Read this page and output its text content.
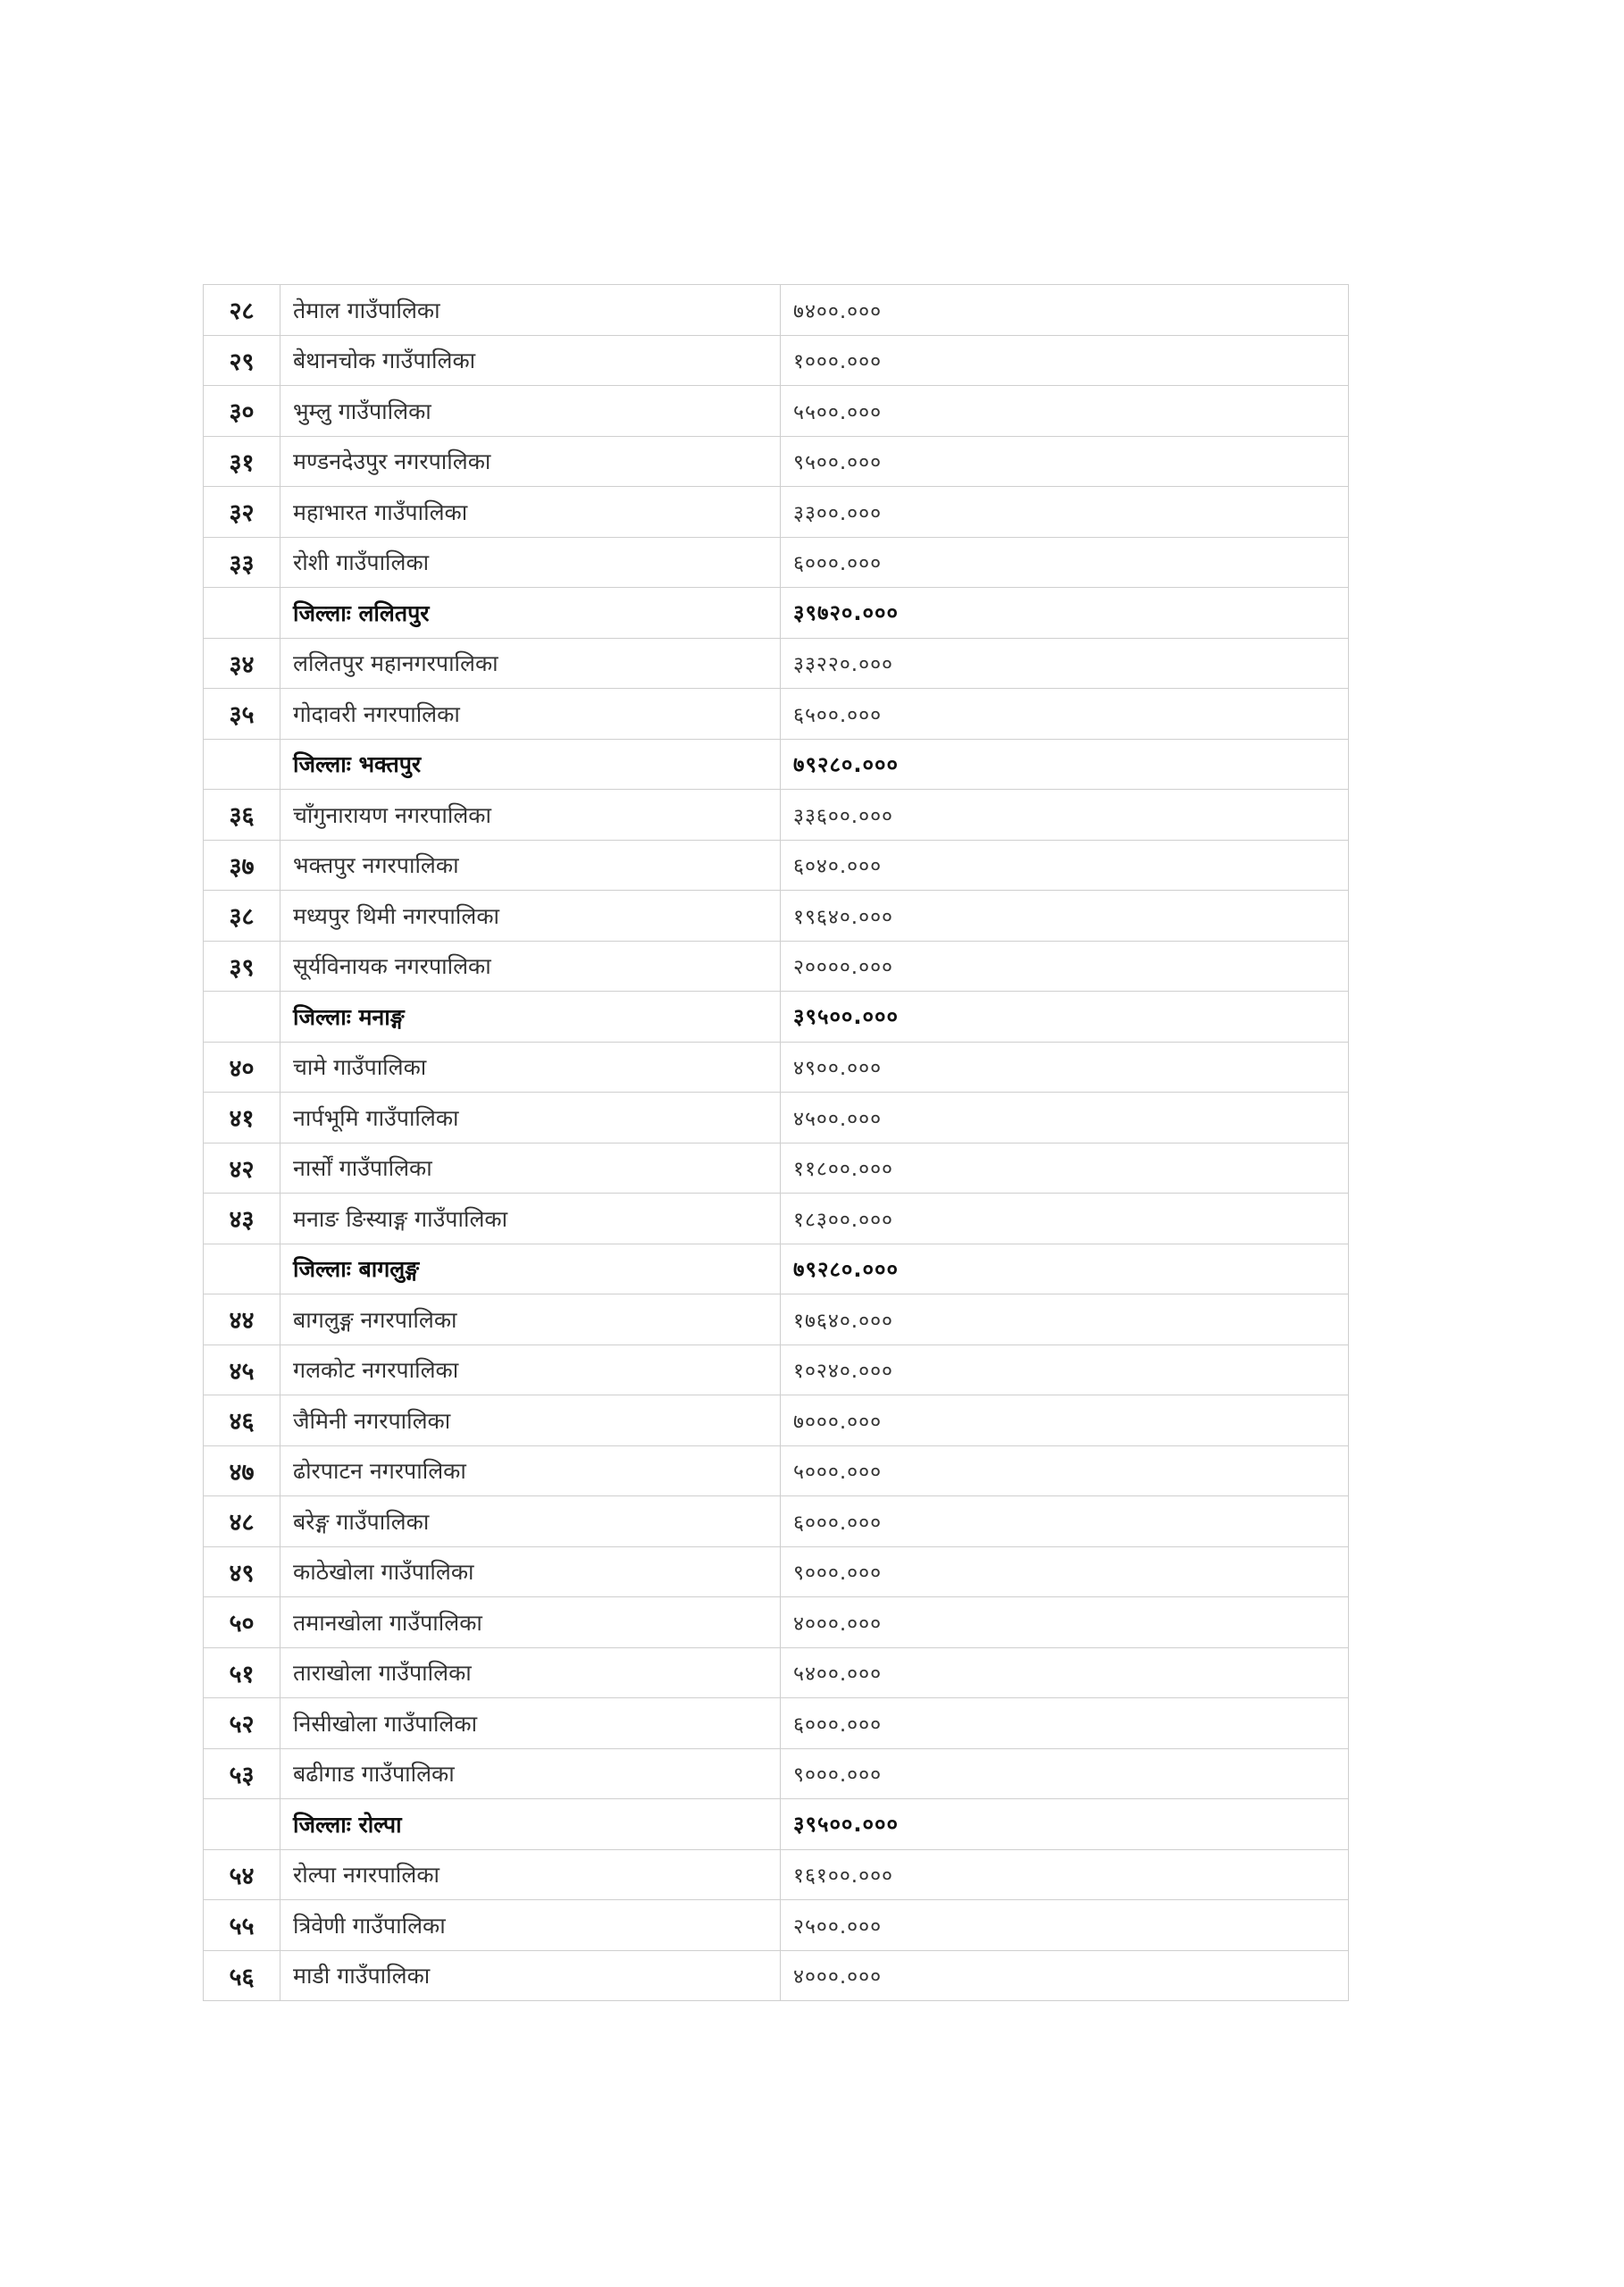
२८	तेमाल गाउँपालिका	७४००.०००
२९	बेथानचोक गाउँपालिका	१०००.०००
३०	भुम्लु गाउँपालिका	५५००.०००
३१	मण्डनदेउपुर नगरपालिका	९५००.०००
३२	महाभारत गाउँपालिका	३३००.०००
३३	रोशी गाउँपालिका	६०००.०००
	जिल्लाः ललितपुर	३९७२०.०००
३४	ललितपुर महानगरपालिका	३३२२०.०००
३५	गोदावरी नगरपालिका	६५००.०००
	जिल्लाः भक्तपुर	७९२८०.०००
३६	चाँगुनारायण नगरपालिका	३३६००.०००
३७	भक्तपुर नगरपालिका	६०४०.०००
३८	मध्यपुर थिमी नगरपालिका	१९६४०.०००
३९	सूर्यविनायक नगरपालिका	२००००.०००
	जिल्लाः मनाङ्ग	३९५००.०००
४०	चामे गाउँपालिका	४९००.०००
४१	नार्पभूमि गाउँपालिका	४५००.०००
४२	नार्सों गाउँपालिका	११८००.०००
४३	मनाङ ङिस्याङ्ग गाउँपालिका	१८३००.०००
	जिल्लाः बागलुङ्ग	७९२८०.०००
४४	बागलुङ्ग नगरपालिका	१७६४०.०००
४५	गलकोट नगरपालिका	१०२४०.०००
४६	जैमिनी नगरपालिका	७०००.०००
४७	ढोरपाटन नगरपालिका	५०००.०००
४८	बरेङ्ग गाउँपालिका	६०००.०००
४९	काठेखोला गाउँपालिका	९०००.०००
५०	तमानखोला गाउँपालिका	४०००.०००
५१	ताराखोला गाउँपालिका	५४००.०००
५२	निसीखोला गाउँपालिका	६०००.०००
५३	बढीगाड गाउँपालिका	९०००.०००
	जिल्लाः रोल्पा	३९५००.०००
५४	रोल्पा नगरपालिका	१६१००.०००
५५	त्रिवेणी गाउँपालिका	२५००.०००
५६	माडी गाउँपालिका	४०००.०००
